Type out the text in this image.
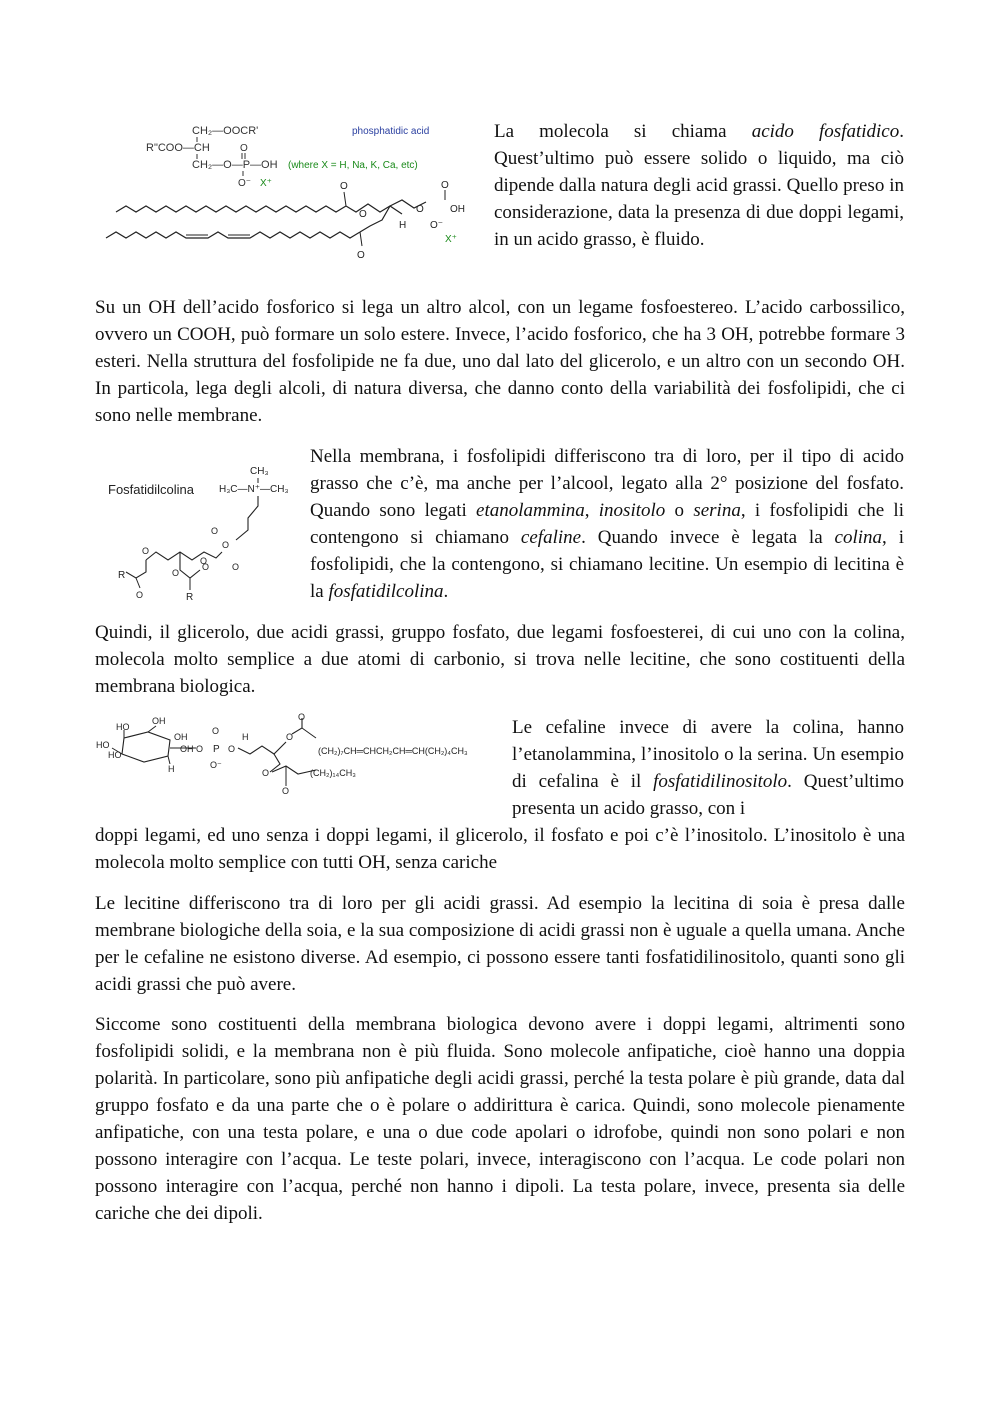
CH₂—OOCR'
R"COO—CH
CH₂—O—P—OH
O
O⁻ X⁺
phosphatidic acid
(where X = H, Na, K, Ca, etc)
O
O
H
O
O
OH
O⁻
X⁺
O

La molecola si chiama acido fosfatidico. Quest’ultimo può essere solido o liquido, ma ciò dipende dalla natura degli acid grassi. Quello preso in considerazione, data la presenza di due doppi legami, in un acido grasso, è fluido.

Su un OH dell’acido fosforico si lega un altro alcol, con un legame fosfoestereo. L’acido carbossilico, ovvero un COOH, può formare un solo estere. Invece, l’acido fosforico, che ha 3 OH, potrebbe formare 3 esteri. Nella struttura del fosfolipide ne fa due, uno dal lato del glicerolo, e un altro con un secondo OH. In particola, lega degli alcoli, di natura diversa, che danno conto della variabilità dei fosfolipidi, che ci sono nelle membrane.

Fosfatidilcolina
CH₃
H₃C—N⁺—CH₃
O
O
O
O
O
O
R	O
O
R

Nella membrana, i fosfolipidi differiscono tra di loro, per il tipo di acido grasso che c’è, ma anche per l’alcool, legato alla 2° posizione del fosfato. Quando sono legati etanolammina, inositolo o serina, i fosfolipidi che li contengono si chiamano cefaline. Quando invece è legata la colina, i fosfolipidi, che la contengono, si chiamano lecitine. Un esempio di lecitina è la fosfatidilcolina.

Quindi, il glicerolo, due acidi grassi, gruppo fosfato, due legami fosfoesterei, di cui uno con la colina, molecola molto semplice a due atomi di carbonio, si trova nelle lecitine, che sono costituenti della membrana biologica.

HO
OH
HO
HO
OH
OH
H
O P
O
O⁻
O
H	O
O
(CH₂)₇CH═CHCH₂CH═CH(CH₂)₄CH₃
O
O
(CH₂)₁₄CH₃

Le cefaline invece di avere la colina, hanno l’etanolammina, l’inositolo o la serina. Un esempio di cefalina è il fosfatidilinositolo. Quest’ultimo presenta un acido grasso, con i

doppi legami, ed uno senza i doppi legami, il glicerolo, il fosfato e poi c’è l’inositolo. L’inositolo è una molecola molto semplice con tutti OH, senza cariche

Le lecitine differiscono tra di loro per gli acidi grassi. Ad esempio la lecitina di soia è presa dalle membrane biologiche della soia, e la sua composizione di acidi grassi non è uguale a quella umana. Anche per le cefaline ne esistono diverse. Ad esempio, ci possono essere tanti fosfatidilinositolo, quanti sono gli acidi grassi che può avere.

Siccome sono costituenti della membrana biologica devono avere i doppi legami, altrimenti sono fosfolipidi solidi, e la membrana non è più fluida. Sono molecole anfipatiche, cioè hanno una doppia polarità. In particolare, sono più anfipatiche degli acidi grassi, perché la testa polare è più grande, data dal gruppo fosfato e da una parte che o è polare o addirittura è carica. Quindi, sono molecole pienamente anfipatiche, con una testa polare, e una o due code apolari o idrofobe, quindi non sono polari e non possono interagire con l’acqua. Le teste polari, invece, interagiscono con l’acqua. Le code polari non possono interagire con l’acqua, perché non hanno i dipoli. La testa polare, invece, presenta sia delle cariche che dei dipoli.
